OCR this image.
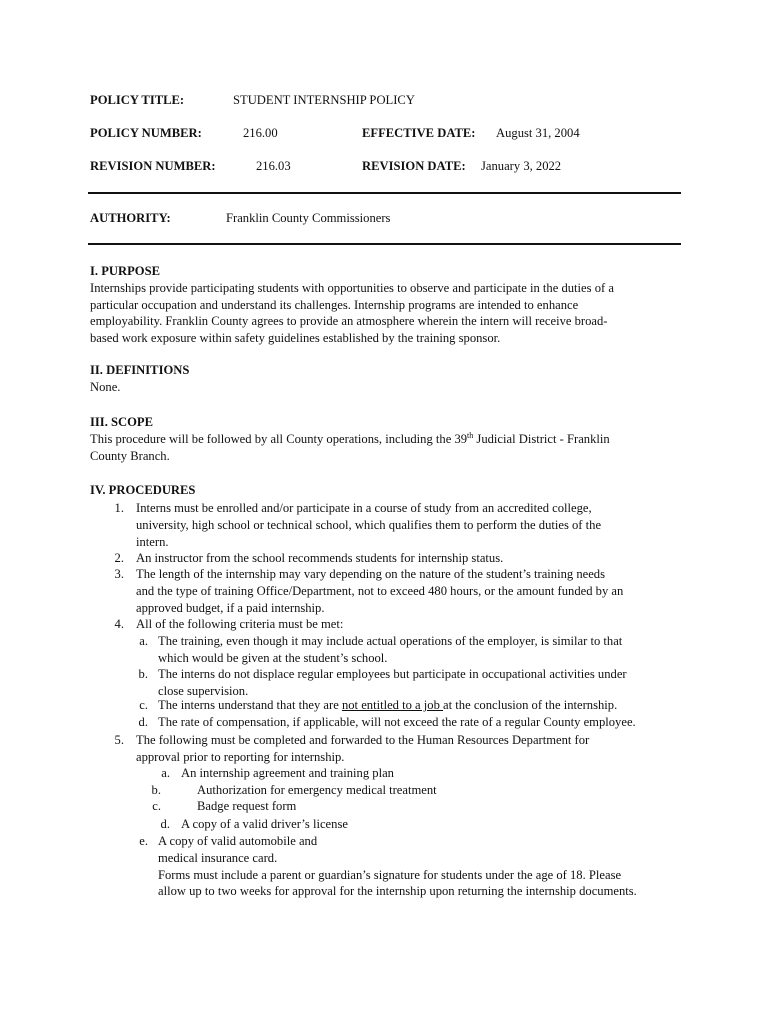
POLICY TITLE:	STUDENT INTERNSHIP POLICY
POLICY NUMBER:	216.00	EFFECTIVE DATE: August 31, 2004
REVISION NUMBER:	216.03	REVISION DATE: January 3, 2022
AUTHORITY:	Franklin County Commissioners
I. PURPOSE
Internships provide participating students with opportunities to observe and participate in the duties of a
particular occupation and understand its challenges. Internship programs are intended to enhance
employability. Franklin County agrees to provide an atmosphere wherein the intern will receive broad-
based work exposure within safety guidelines established by the training sponsor.
II. DEFINITIONS
None.
III. SCOPE
This procedure will be followed by all County operations, including the 39th Judicial District - Franklin
County Branch.
IV. PROCEDURES
1. Interns must be enrolled and/or participate in a course of study from an accredited college,
university, high school or technical school, which qualifies them to perform the duties of the
intern.
2. An instructor from the school recommends students for internship status.
3. The length of the internship may vary depending on the nature of the student’s training needs
and the type of training Office/Department, not to exceed 480 hours, or the amount funded by an
approved budget, if a paid internship.
4. All of the following criteria must be met:
a. The training, even though it may include actual operations of the employer, is similar to that
which would be given at the student’s school.
b. The interns do not displace regular employees but participate in occupational activities under
close supervision.
c. The interns understand that they are not entitled to a job at the conclusion of the internship.
d. The rate of compensation, if applicable, will not exceed the rate of a regular County employee.
5. The following must be completed and forwarded to the Human Resources Department for
approval prior to reporting for internship.
a. An internship agreement and training plan
b.	Authorization for emergency medical treatment
c.	Badge request form
d. A copy of a valid driver’s license
e. A copy of valid automobile and
medical insurance card.
Forms must include a parent or guardian’s signature for students under the age of 18. Please
allow up to two weeks for approval for the internship upon returning the internship documents.
